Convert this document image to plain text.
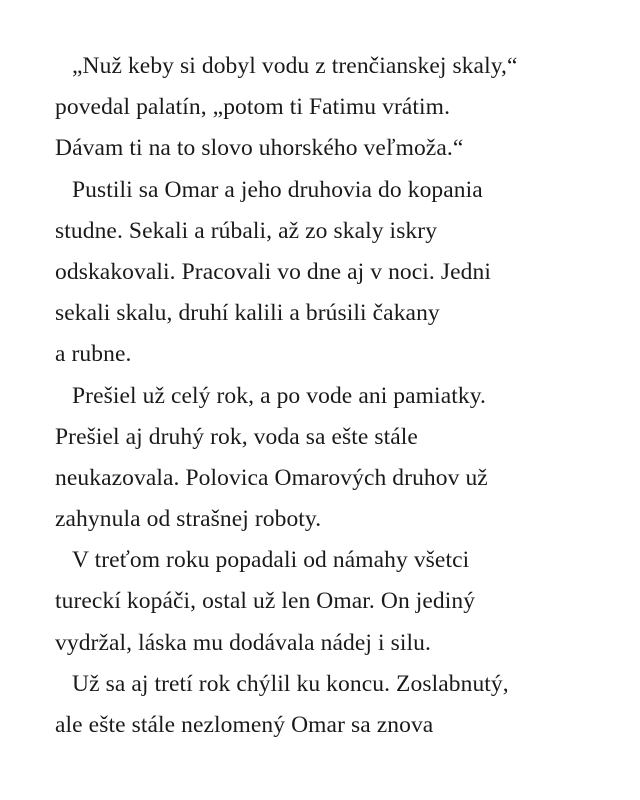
„Nuž keby si dobyl vodu z trenčianskej skaly,“
povedal palatín, „potom ti Fatimu vrátim.
Dávam ti na to slovo uhorského veľmoža.“
Pustili sa Omar a jeho druhovia do kopania
studne. Sekali a rúbali, až zo skaly iskry
odskakovali. Pracovali vo dne aj v noci. Jedni
sekali skalu, druhí kalili a brúsili čakany
a rubne.
Prešiel už celý rok, a po vode ani pamiatky.
Prešiel aj druhý rok, voda sa ešte stále
neukazovala. Polovica Omarových druhov už
zahynula od strašnej roboty.
V treťom roku popadali od námahy všetci
tureckí kopáči, ostal už len Omar. On jediný
vydržal, láska mu dodávala nádej i silu.
Už sa aj tretí rok chýlil ku koncu. Zoslabnutý,
ale ešte stále nezlomený Omar sa znova
